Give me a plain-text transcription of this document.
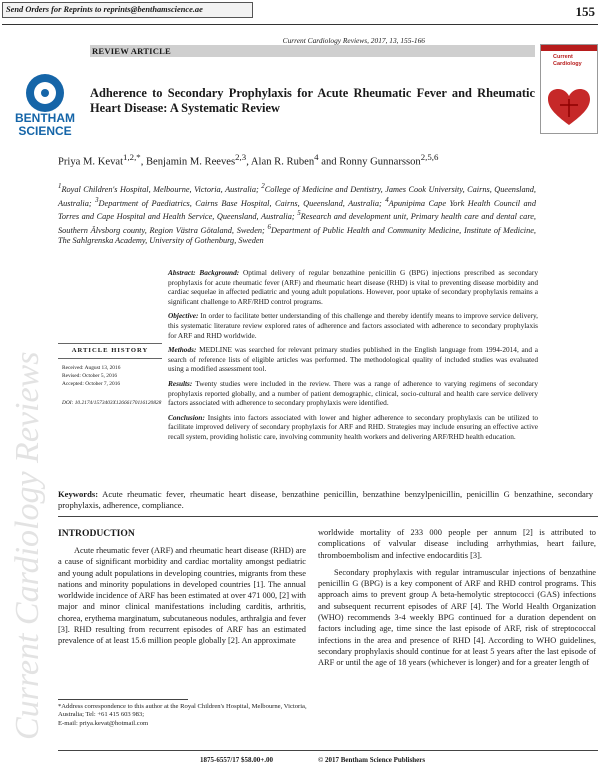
Send Orders for Reprints to reprints@benthamscience.ae	155
Current Cardiology Reviews, 2017, 13, 155-166
REVIEW ARTICLE
BENTHAM
SCIENCE
Current
Cardiology
Adherence to Secondary Prophylaxis for Acute Rheumatic Fever and Rheumatic Heart Disease: A Systematic Review
Priya M. Kevat$^{1,2,*}$, Benjamin M. Reeves$^{2,3}$, Alan R. Ruben$^4$ and Ronny Gunnarsson$^{2,5,6}$
$^1$Royal Children's Hospital, Melbourne, Victoria, Australia; $^2$College of Medicine and Dentistry, James Cook University, Cairns, Queensland, Australia; $^3$Department of Paediatrics, Cairns Base Hospital, Cairns, Queensland, Australia; $^4$Apunipima Cape York Health Council and Torres and Cape Hospital and Health Service, Queensland, Australia; $^5$Research and development unit, Primary health care and dental care, Southern Älvsborg county, Region Västra Götaland, Sweden; $^6$Department of Public Health and Community Medicine, Institute of Medicine, The Sahlgrenska Academy, University of Gothenburg, Sweden
ARTICLE HISTORY
Received: August 13, 2016
Revised: October 5, 2016
Accepted: October 7, 2016
DOI: 10.2174/1573403X12666170116120828

Abstract: Background: Optimal delivery of regular benzathine penicillin G (BPG) injections prescribed as secondary prophylaxis for acute rheumatic fever (ARF) and rheumatic heart disease (RHD) is vital to preventing disease morbidity and cardiac sequelae in affected pediatric and young adult populations. However, poor uptake of secondary prophylaxis remains a significant challenge to ARF/RHD control programs.

Objective: In order to facilitate better understanding of this challenge and thereby identify means to improve service delivery, this systematic literature review explored rates of adherence and factors associated with adherence to secondary prophylaxis for ARF and RHD worldwide.

Methods: MEDLINE was searched for relevant primary studies published in the English language from 1994-2014, and a search of reference lists of eligible articles was performed. The methodological quality of included studies was evaluated using a modified assessment tool.

Results: Twenty studies were included in the review. There was a range of adherence to varying regimens of secondary prophylaxis reported globally, and a number of patient demographic, clinical, socio-cultural and health care service delivery factors associated with adherence to secondary prophylaxis were identified.

Conclusion: Insights into factors associated with lower and higher adherence to secondary prophylaxis can be utilized to facilitate improved delivery of secondary prophylaxis for ARF and RHD. Strategies may include ensuring an effective active recall system, providing holistic care, involving community health workers and delivering ARF/RHD health education.

Keywords: Acute rheumatic fever, rheumatic heart disease, benzathine penicillin, benzathine benzylpenicillin, penicillin G benzathine, secondary prophylaxis, adherence, compliance.
Current Cardiology Reviews INTRODUCTION

Acute rheumatic fever (ARF) and rheumatic heart disease (RHD) are a cause of significant morbidity and cardiac mortality amongst pediatric and young adult populations in developing countries, migrants from these nations and minority populations in developed countries [1]. The annual worldwide incidence of ARF has been estimated at over 471 000, [2] with major and minor clinical manifestations including carditis, arthritis, chorea, erythema marginatum, subcutaneous nodules, arthralgia and fever [3]. RHD resulting from recurrent episodes of ARF has an estimated prevalence of at least 15.6 million people globally [2]. An approximate

worldwide mortality of 233 000 people per annum [2] is attributed to complications of valvular disease including arrhythmias, heart failure, thromboembolism and infective endocarditis [3].

Secondary prophylaxis with regular intramuscular injections of benzathine penicillin G (BPG) is a key component of ARF and RHD control programs. This approach aims to prevent group A beta-hemolytic streptococci (GAS) infections and subsequent recurrent episodes of ARF [4]. The World Health Organization (WHO) recommends 3-4 weekly BPG continued for a duration dependent on factors including age, time since the last episode of ARF, risk of streptococcal infections in the area and presence of RHD [4]. According to WHO guidelines, secondary prophylaxis should continue for at least 5 years after the last episode of ARF or until the age of 18 years (whichever is longer) and for a greater length of

*Address correspondence to this author at the Royal Children's Hospital, Melbourne, Victoria, Australia; Tel: +61 415 603 983;
E-mail: priya.kevat@hotmail.com
1875-6557/17 $58.00+.00	© 2017 Bentham Science Publishers
